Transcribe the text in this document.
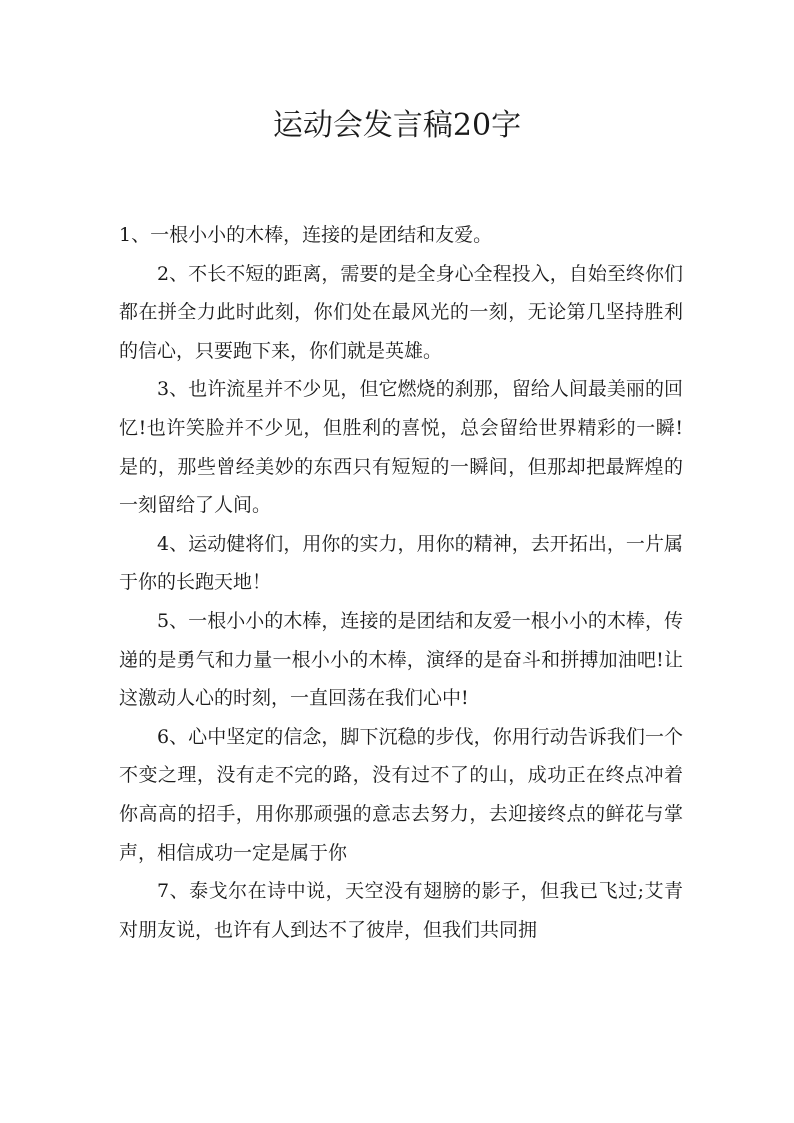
运动会发言稿20字

1、一根小小的木棒，连接的是团结和友爱。

2、不长不短的距离，需要的是全身心全程投入，自始至终你们都在拼全力此时此刻，你们处在最风光的一刻，无论第几坚持胜利的信心，只要跑下来，你们就是英雄。

3、也许流星并不少见，但它燃烧的刹那，留给人间最美丽的回忆!也许笑脸并不少见，但胜利的喜悦，总会留给世界精彩的一瞬!是的，那些曾经美妙的东西只有短短的一瞬间，但那却把最辉煌的一刻留给了人间。

4、运动健将们，用你的实力，用你的精神，去开拓出，一片属于你的长跑天地！

5、一根小小的木棒，连接的是团结和友爱一根小小的木棒，传递的是勇气和力量一根小小的木棒，演绎的是奋斗和拼搏加油吧!让这激动人心的时刻，一直回荡在我们心中!

6、心中坚定的信念，脚下沉稳的步伐，你用行动告诉我们一个不变之理，没有走不完的路，没有过不了的山，成功正在终点冲着你高高的招手，用你那顽强的意志去努力，去迎接终点的鲜花与掌声，相信成功一定是属于你

7、泰戈尔在诗中说，天空没有翅膀的影子，但我已飞过;艾青对朋友说，也许有人到达不了彼岸，但我们共同拥
